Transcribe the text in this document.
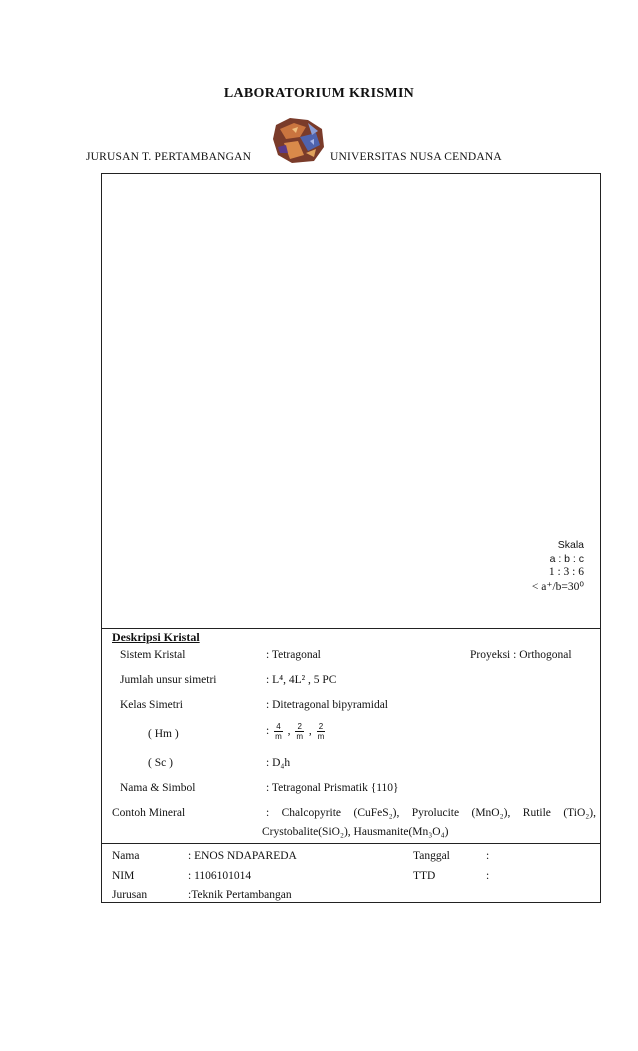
LABORATORIUM KRISMIN
JURUSAN T. PERTAMBANGAN	UNIVERSITAS NUSA CENDANA
Skala
a : b : c
1 : 3 : 6
< a⁺/b=30⁰
Deskripsi Kristal
Sistem Kristal	: Tetragonal	Proyeksi : Orthogonal
Jumlah unsur simetri	: L⁴, 4L² , 5 PC
Kelas Simetri	: Ditetragonal bipyramidal
( Hm )	: $\frac{4}{m}$ , $\frac{2}{m}$ , $\frac{2}{m}$
( Sc )	: D₄h
Nama & Simbol	: Tetragonal Prismatik {110}
Contoh Mineral	: Chalcopyrite (CuFeS₂), Pyrolucite (MnO₂), Rutile (TiO₂),
Crystobalite(SiO₂), Hausmanite(Mn₃O₄)
Nama	: ENOS NDAPAREDA	Tanggal	:
NIM	: 1106101014	TTD	:
Jurusan	:Teknik Pertambangan
